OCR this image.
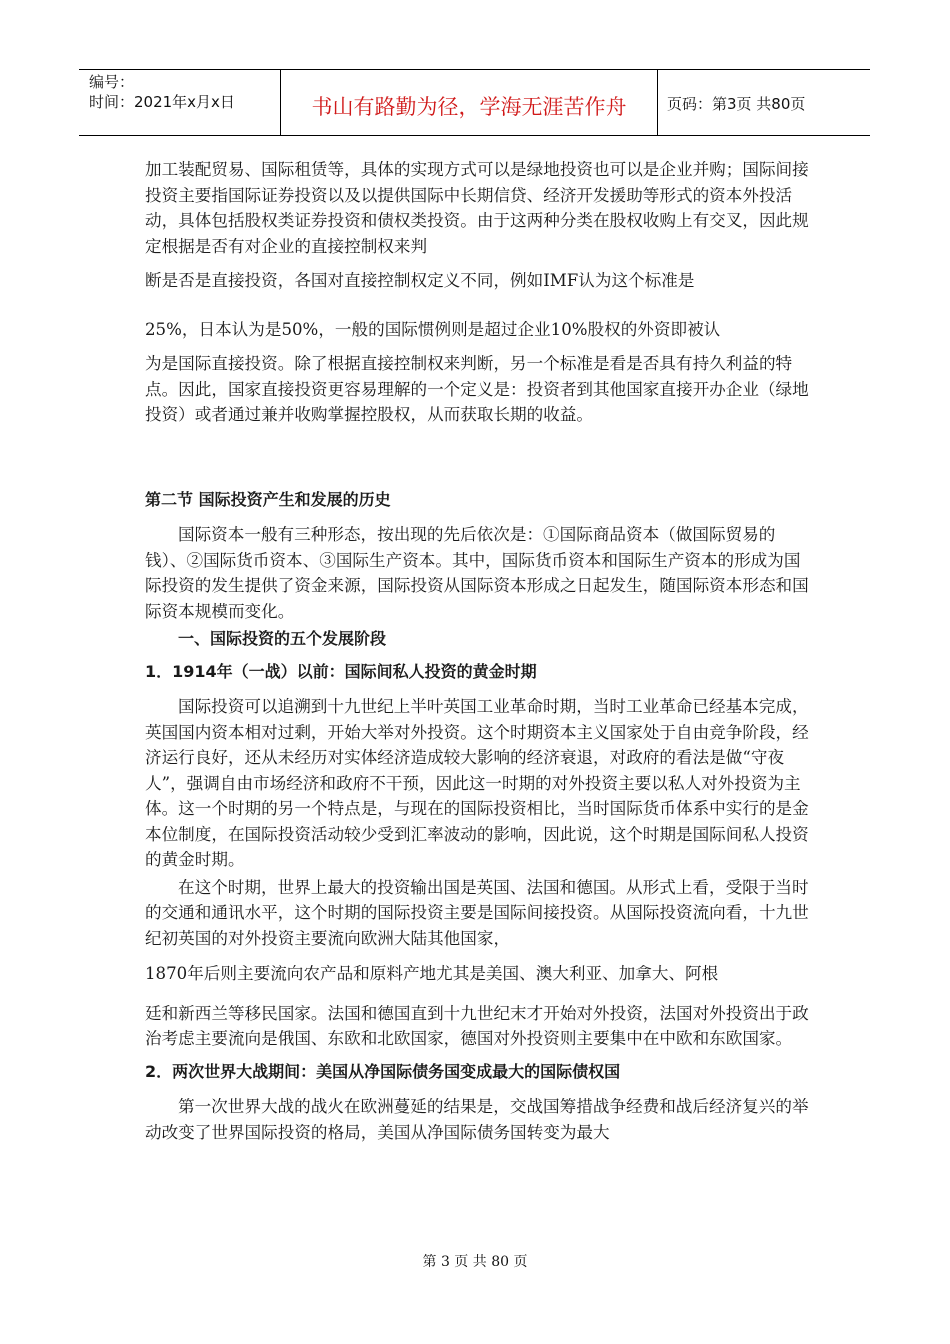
编号：
时间：2021年x月x日	书山有路勤为径，学海无涯苦作舟	页码：第3页 共80页

加工装配贸易、国际租赁等，具体的实现方式可以是绿地投资也可以是企业并购；国际间接投资主要指国际证券投资以及以提供国际中长期信贷、经济开发援助等形式的资本外投活动，具体包括股权类证券投资和债权类投资。由于这两种分类在股权收购上有交叉，因此规定根据是否有对企业的直接控制权来判

断是否是直接投资，各国对直接控制权定义不同，例如IMF认为这个标准是

25%，日本认为是50%，一般的国际惯例则是超过企业10%股权的外资即被认

为是国际直接投资。除了根据直接控制权来判断，另一个标准是看是否具有持久利益的特点。因此，国家直接投资更容易理解的一个定义是：投资者到其他国家直接开办企业（绿地投资）或者通过兼并收购掌握控股权，从而获取长期的收益。

第二节 国际投资产生和发展的历史

国际资本一般有三种形态，按出现的先后依次是：①国际商品资本（做国际贸易的钱）、②国际货币资本、③国际生产资本。其中，国际货币资本和国际生产资本的形成为国际投资的发生提供了资金来源，国际投资从国际资本形成之日起发生，随国际资本形态和国际资本规模而变化。

一、国际投资的五个发展阶段

1．1914年（一战）以前：国际间私人投资的黄金时期

国际投资可以追溯到十九世纪上半叶英国工业革命时期，当时工业革命已经基本完成，英国国内资本相对过剩，开始大举对外投资。这个时期资本主义国家处于自由竞争阶段，经济运行良好，还从未经历对实体经济造成较大影响的经济衰退，对政府的看法是做“守夜人”，强调自由市场经济和政府不干预，因此这一时期的对外投资主要以私人对外投资为主体。这一个时期的另一个特点是，与现在的国际投资相比，当时国际货币体系中实行的是金本位制度，在国际投资活动较少受到汇率波动的影响，因此说，这个时期是国际间私人投资的黄金时期。

在这个时期，世界上最大的投资输出国是英国、法国和德国。从形式上看，受限于当时的交通和通讯水平，这个时期的国际投资主要是国际间接投资。从国际投资流向看，十九世纪初英国的对外投资主要流向欧洲大陆其他国家，

1870年后则主要流向农产品和原料产地尤其是美国、澳大利亚、加拿大、阿根

廷和新西兰等移民国家。法国和德国直到十九世纪末才开始对外投资，法国对外投资出于政治考虑主要流向是俄国、东欧和北欧国家，德国对外投资则主要集中在中欧和东欧国家。

2．两次世界大战期间：美国从净国际债务国变成最大的国际债权国

第一次世界大战的战火在欧洲蔓延的结果是，交战国筹措战争经费和战后经济复兴的举动改变了世界国际投资的格局，美国从净国际债务国转变为最大

第 3 页 共 80 页
